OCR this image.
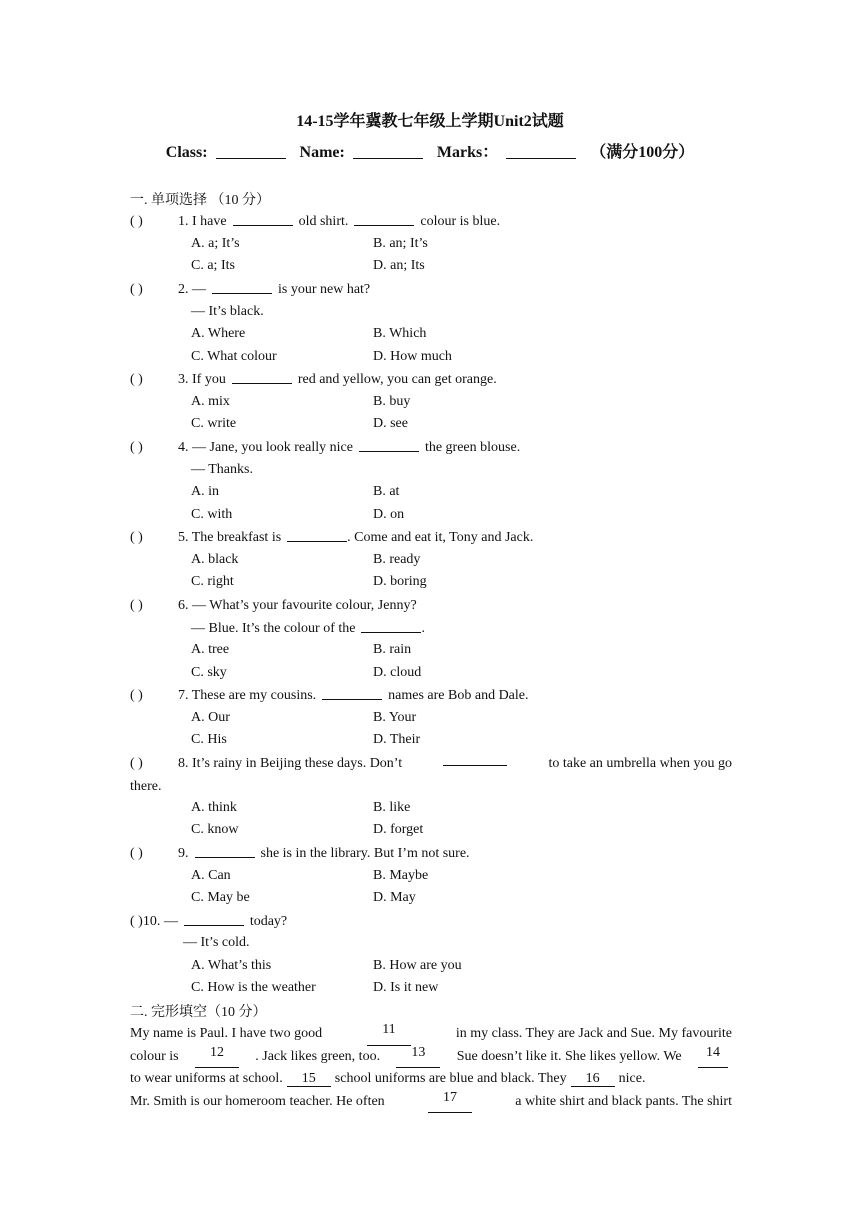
14-15学年冀教七年级上学期Unit2试题
Class:	Name:	Marks：	（满分100分）
一. 单项选择 （10 分）
( )	1. I have	old shirt.	colour is blue.
A. a; It’s	B. an; It’s
C. a; Its	D. an; Its
( )	2. —	is your new hat?
— It’s black.
A. Where	B. Which
C. What colour	D. How much
( )	3. If you	red and yellow, you can get orange.
A. mix	B. buy
C. write	D. see
( )	4. — Jane, you look really nice	the green blouse.
— Thanks.
A. in	B. at
C. with	D. on
( )	5. The breakfast is	. Come and eat it, Tony and Jack.
A. black	B. ready
C. right	D. boring
( )	6. — What’s your favourite colour, Jenny?
— Blue. It’s the colour of the	.
A. tree	B. rain
C. sky	D. cloud
( )	7. These are my cousins.	names are Bob and Dale.
A. Our	B. Your
C. His	D. Their
( )	8. It’s rainy in Beijing these days. Don’t	to take an umbrella when you go
there.
A. think	B. like
C. know	D. forget
( )	9.	she is in the library. But I’m not sure.
A. Can	B. Maybe
C. May be	D. May
( )10. —	today?
— It’s cold.
A. What’s this	B. How are you
C. How is the weather	D. Is it new
二. 完形填空（10 分）
My name is Paul. I have two good	11	in my class. They are Jack and Sue. My favourite
colour is	12	. Jack likes green, too.	13	Sue doesn’t like it. She likes yellow. We	14
to wear uniforms at school. 15 school uniforms are blue and black. They 16 nice.
Mr. Smith is our homeroom teacher. He often	17	a white shirt and black pants. The shirt
